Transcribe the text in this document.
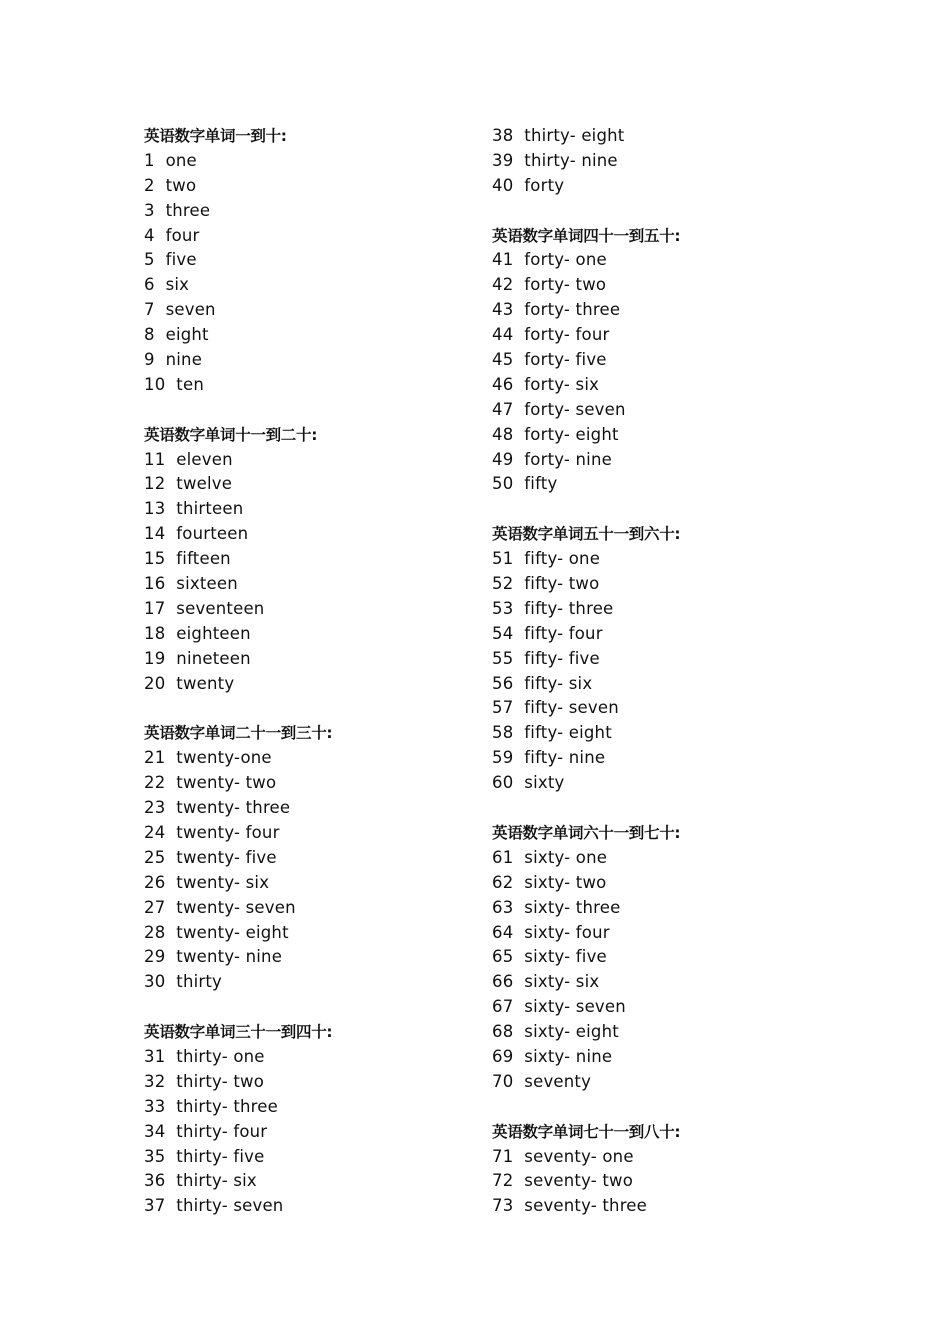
英语数字单词一到十:
1 one
2 two
3 three
4 four
5 five
6 six
7 seven
8 eight
9 nine
10 ten
英语数字单词十一到二十:
11 eleven
12 twelve
13 thirteen
14 fourteen
15 fifteen
16 sixteen
17 seventeen
18 eighteen
19 nineteen
20 twenty
英语数字单词二十一到三十:
21 twenty-one
22 twenty- two
23 twenty- three
24 twenty- four
25 twenty- five
26 twenty- six
27 twenty- seven
28 twenty- eight
29 twenty- nine
30 thirty
英语数字单词三十一到四十:
31 thirty- one
32 thirty- two
33 thirty- three
34 thirty- four
35 thirty- five
36 thirty- six
37 thirty- seven
38 thirty- eight
39 thirty- nine
40 forty
英语数字单词四十一到五十:
41 forty- one
42 forty- two
43 forty- three
44 forty- four
45 forty- five
46 forty- six
47 forty- seven
48 forty- eight
49 forty- nine
50 fifty
英语数字单词五十一到六十:
51 fifty- one
52 fifty- two
53 fifty- three
54 fifty- four
55 fifty- five
56 fifty- six
57 fifty- seven
58 fifty- eight
59 fifty- nine
60 sixty
英语数字单词六十一到七十:
61 sixty- one
62 sixty- two
63 sixty- three
64 sixty- four
65 sixty- five
66 sixty- six
67 sixty- seven
68 sixty- eight
69 sixty- nine
70 seventy
英语数字单词七十一到八十:
71 seventy- one
72 seventy- two
73 seventy- three
